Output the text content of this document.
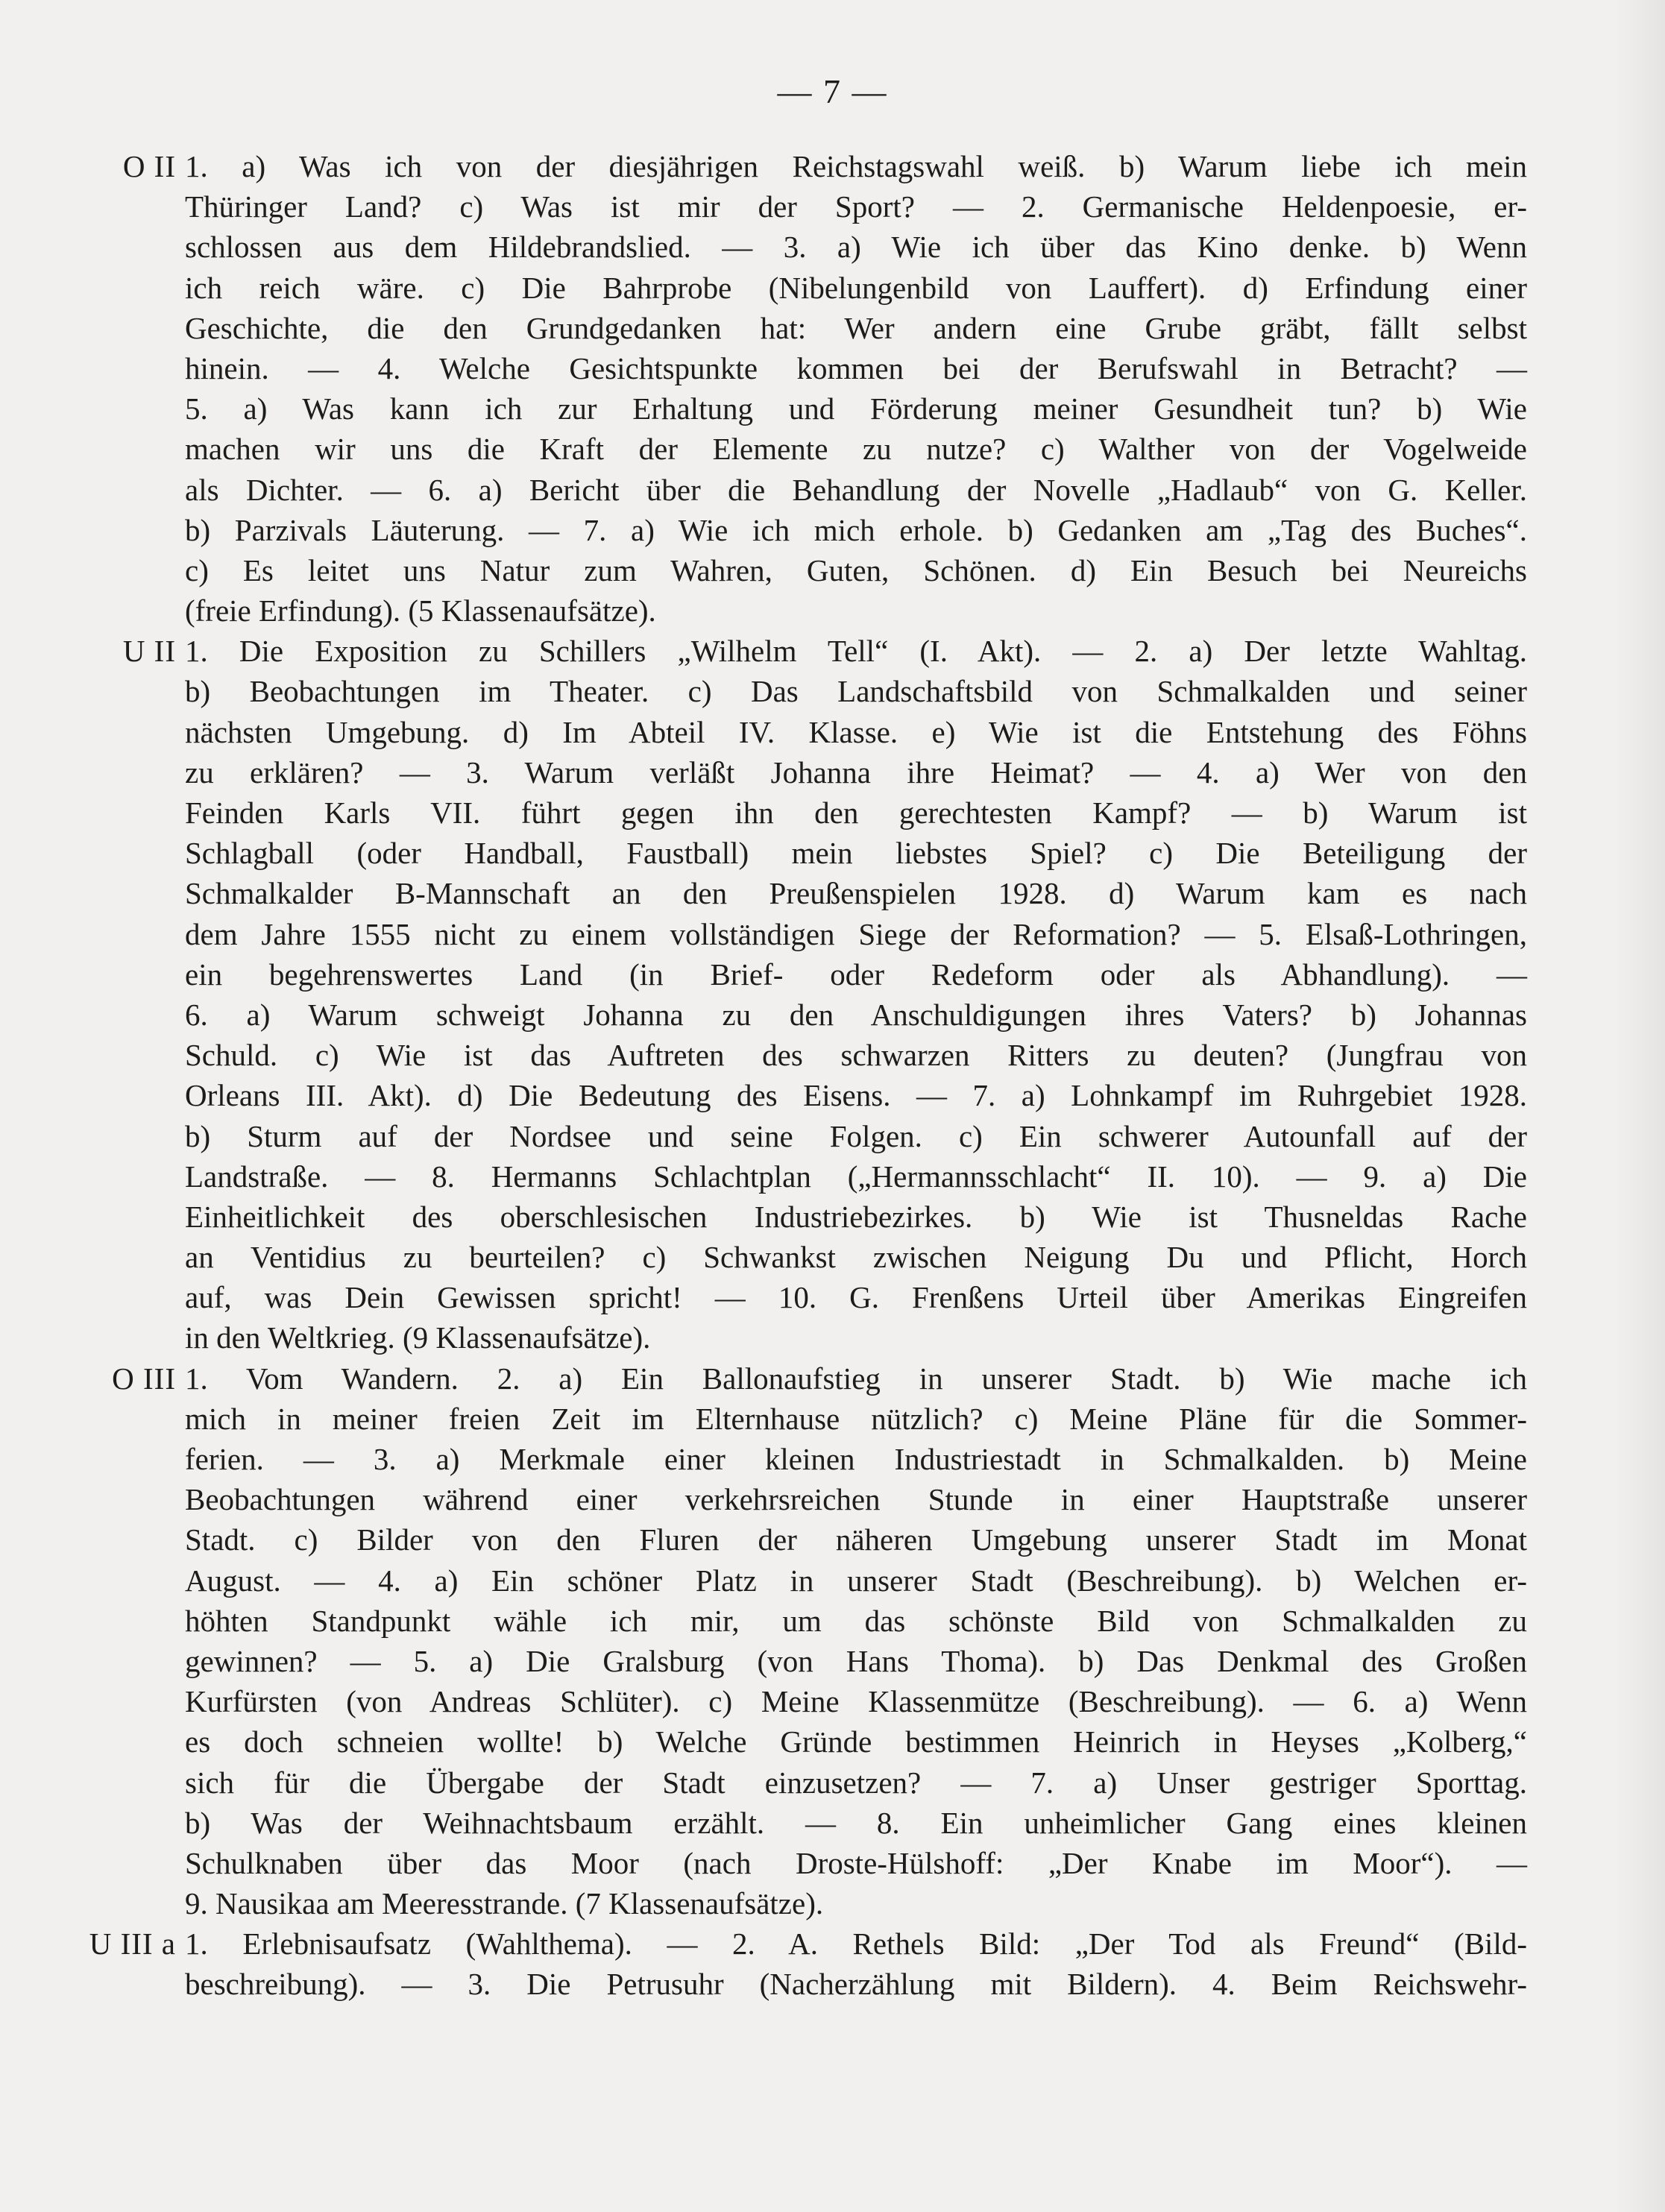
— 7 —
O II 1. a) Was ich von der diesjährigen Reichstagswahl weiß. b) Warum liebe ich mein
Thüringer Land? c) Was ist mir der Sport? — 2. Germanische Heldenpoesie, er-
schlossen aus dem Hildebrandslied. — 3. a) Wie ich über das Kino denke. b) Wenn
ich reich wäre. c) Die Bahrprobe (Nibelungenbild von Lauffert). d) Erfindung einer
Geschichte, die den Grundgedanken hat: Wer andern eine Grube gräbt, fällt selbst
hinein. — 4. Welche Gesichtspunkte kommen bei der Berufswahl in Betracht? —
5. a) Was kann ich zur Erhaltung und Förderung meiner Gesundheit tun? b) Wie
machen wir uns die Kraft der Elemente zu nutze? c) Walther von der Vogelweide
als Dichter. — 6. a) Bericht über die Behandlung der Novelle „Hadlaub“ von G. Keller.
b) Parzivals Läuterung. — 7. a) Wie ich mich erhole. b) Gedanken am „Tag des Buches“.
c) Es leitet uns Natur zum Wahren, Guten, Schönen. d) Ein Besuch bei Neureichs
(freie Erfindung). (5 Klassenaufsätze).
U II 1. Die Exposition zu Schillers „Wilhelm Tell“ (I. Akt). — 2. a) Der letzte Wahltag.
b) Beobachtungen im Theater. c) Das Landschaftsbild von Schmalkalden und seiner
nächsten Umgebung. d) Im Abteil IV. Klasse. e) Wie ist die Entstehung des Föhns
zu erklären? — 3. Warum verläßt Johanna ihre Heimat? — 4. a) Wer von den
Feinden Karls VII. führt gegen ihn den gerechtesten Kampf? — b) Warum ist
Schlagball (oder Handball, Faustball) mein liebstes Spiel? c) Die Beteiligung der
Schmalkalder B-Mannschaft an den Preußenspielen 1928. d) Warum kam es nach
dem Jahre 1555 nicht zu einem vollständigen Siege der Reformation? — 5. Elsaß-Lothringen,
ein begehrenswertes Land (in Brief- oder Redeform oder als Abhandlung). —
6. a) Warum schweigt Johanna zu den Anschuldigungen ihres Vaters? b) Johannas
Schuld. c) Wie ist das Auftreten des schwarzen Ritters zu deuten? (Jungfrau von
Orleans III. Akt). d) Die Bedeutung des Eisens. — 7. a) Lohnkampf im Ruhrgebiet 1928.
b) Sturm auf der Nordsee und seine Folgen. c) Ein schwerer Autounfall auf der
Landstraße. — 8. Hermanns Schlachtplan („Hermannsschlacht“ II. 10). — 9. a) Die
Einheitlichkeit des oberschlesischen Industriebezirkes. b) Wie ist Thusneldas Rache
an Ventidius zu beurteilen? c) Schwankst zwischen Neigung Du und Pflicht, Horch
auf, was Dein Gewissen spricht! — 10. G. Frenßens Urteil über Amerikas Eingreifen
in den Weltkrieg. (9 Klassenaufsätze).
O III 1. Vom Wandern. 2. a) Ein Ballonaufstieg in unserer Stadt. b) Wie mache ich
mich in meiner freien Zeit im Elternhause nützlich? c) Meine Pläne für die Sommer-
ferien. — 3. a) Merkmale einer kleinen Industriestadt in Schmalkalden. b) Meine
Beobachtungen während einer verkehrsreichen Stunde in einer Hauptstraße unserer
Stadt. c) Bilder von den Fluren der näheren Umgebung unserer Stadt im Monat
August. — 4. a) Ein schöner Platz in unserer Stadt (Beschreibung). b) Welchen er-
höhten Standpunkt wähle ich mir, um das schönste Bild von Schmalkalden zu
gewinnen? — 5. a) Die Gralsburg (von Hans Thoma). b) Das Denkmal des Großen
Kurfürsten (von Andreas Schlüter). c) Meine Klassenmütze (Beschreibung). — 6. a) Wenn
es doch schneien wollte! b) Welche Gründe bestimmen Heinrich in Heyses „Kolberg,“
sich für die Übergabe der Stadt einzusetzen? — 7. a) Unser gestriger Sporttag.
b) Was der Weihnachtsbaum erzählt. — 8. Ein unheimlicher Gang eines kleinen
Schulknaben über das Moor (nach Droste-Hülshoff: „Der Knabe im Moor“). —
9. Nausikaa am Meeresstrande. (7 Klassenaufsätze).
U III a 1. Erlebnisaufsatz (Wahlthema). — 2. A. Rethels Bild: „Der Tod als Freund“ (Bild-
beschreibung). — 3. Die Petrusuhr (Nacherzählung mit Bildern). 4. Beim Reichswehr-
